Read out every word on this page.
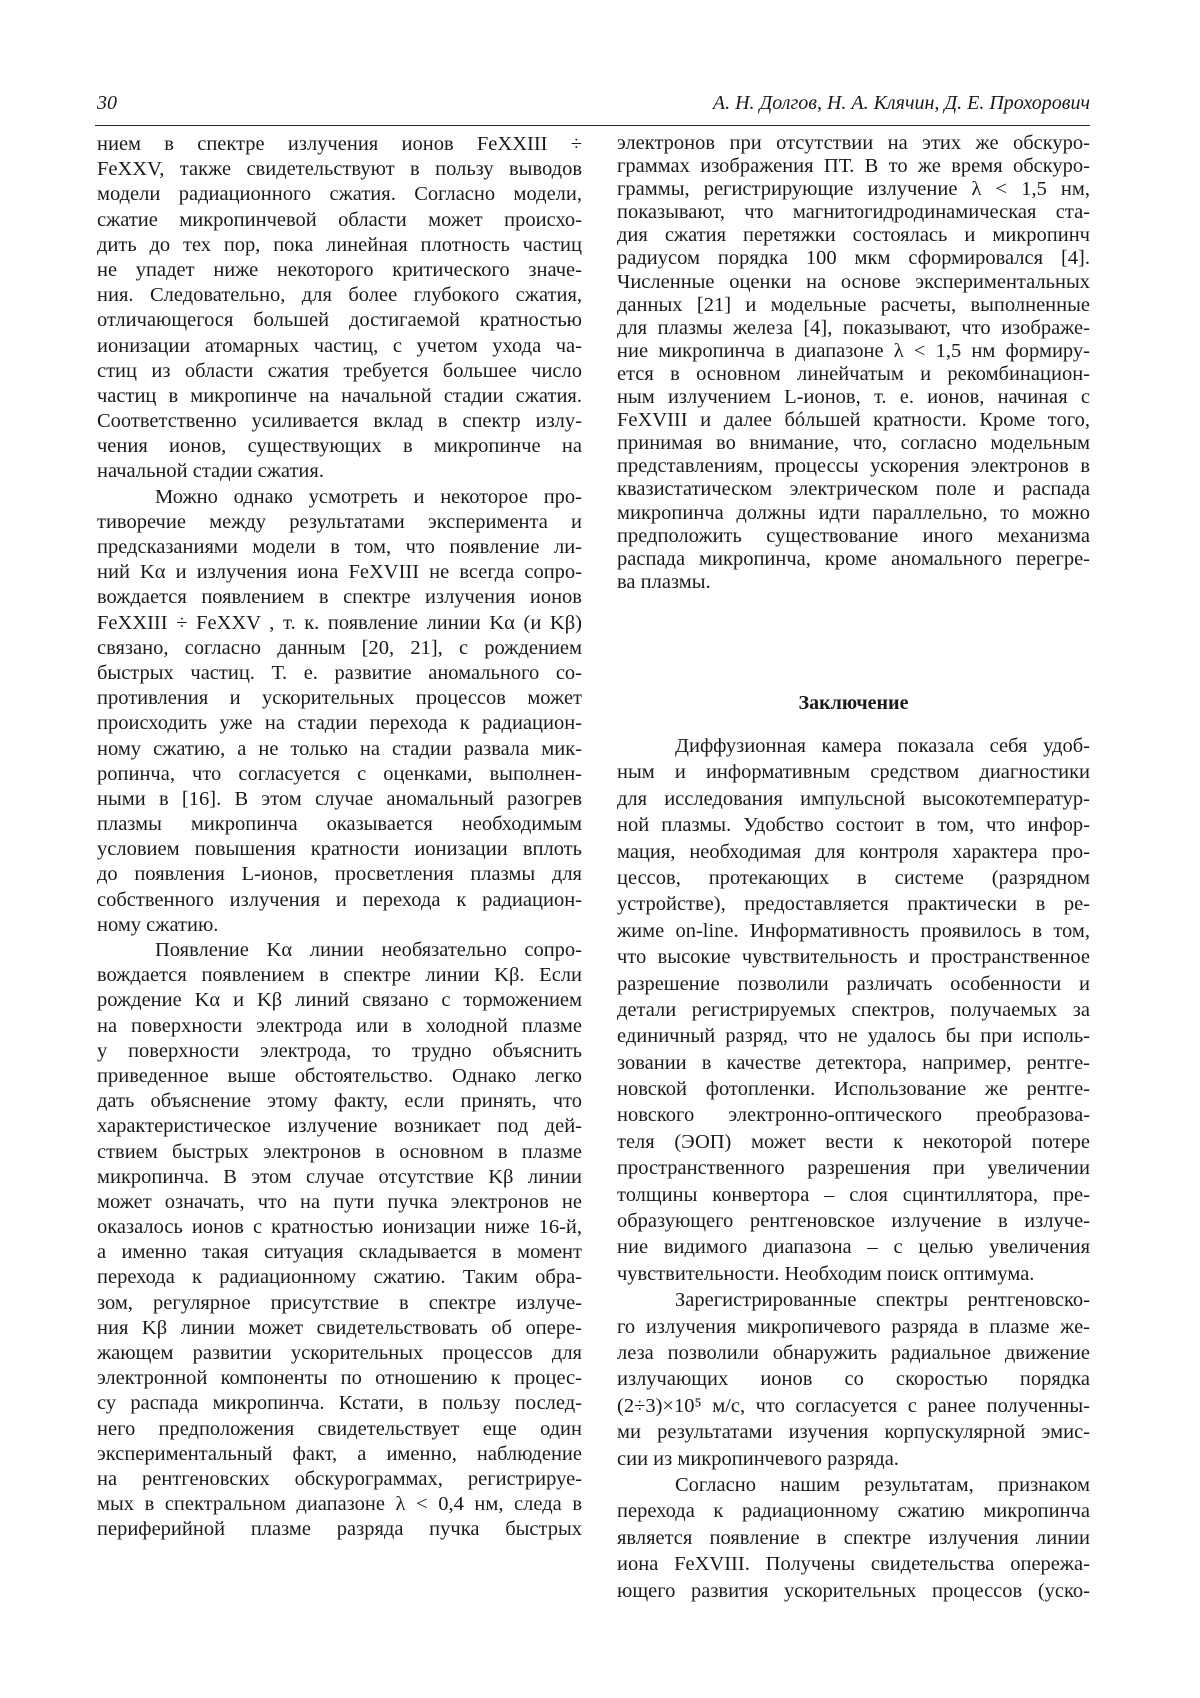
30	А. Н. Долгов, Н. А. Клячин, Д. Е. Прохорович
нием в спектре излучения ионов FeXXIII ÷
FeXXV, также свидетельствуют в пользу выводов
модели радиационного сжатия. Согласно модели,
сжатие микропинчевой области может происхо-
дить до тех пор, пока линейная плотность частиц
не упадет ниже некоторого критического значе-
ния. Следовательно, для более глубокого сжатия,
отличающегося большей достигаемой кратностью
ионизации атомарных частиц, с учетом ухода ча-
стиц из области сжатия требуется большее число
частиц в микропинче на начальной стадии сжатия.
Соответственно усиливается вклад в спектр излу-
чения ионов, существующих в микропинче на
начальной стадии сжатия.
Можно однако усмотреть и некоторое про-
тиворечие между результатами эксперимента и
предсказаниями модели в том, что появление ли-
ний Kα и излучения иона FeXVIII не всегда сопро-
вождается появлением в спектре излучения ионов
FeXXIII ÷ FeXXV , т. к. появление линии Kα (и Kβ)
связано, согласно данным [20, 21], с рождением
быстрых частиц. Т. е. развитие аномального со-
противления и ускорительных процессов может
происходить уже на стадии перехода к радиацион-
ному сжатию, а не только на стадии развала мик-
ропинча, что согласуется с оценками, выполнен-
ными в [16]. В этом случае аномальный разогрев
плазмы микропинча оказывается необходимым
условием повышения кратности ионизации вплоть
до появления L-ионов, просветления плазмы для
собственного излучения и перехода к радиацион-
ному сжатию.
Появление Kα линии необязательно сопро-
вождается появлением в спектре линии Kβ. Если
рождение Kα и Kβ линий связано с торможением
на поверхности электрода или в холодной плазме
у поверхности электрода, то трудно объяснить
приведенное выше обстоятельство. Однако легко
дать объяснение этому факту, если принять, что
характеристическое излучение возникает под дей-
ствием быстрых электронов в основном в плазме
микропинча. В этом случае отсутствие Kβ линии
может означать, что на пути пучка электронов не
оказалось ионов с кратностью ионизации ниже 16-й,
а именно такая ситуация складывается в момент
перехода к радиационному сжатию. Таким обра-
зом, регулярное присутствие в спектре излуче-
ния Kβ линии может свидетельствовать об опере-
жающем развитии ускорительных процессов для
электронной компоненты по отношению к процес-
су распада микропинча. Кстати, в пользу послед-
него предположения свидетельствует еще один
экспериментальный факт, а именно, наблюдение
на рентгеновских обскурограммах, регистрируе-
мых в спектральном диапазоне λ < 0,4 нм, следа в
периферийной плазме разряда пучка быстрых
электронов при отсутствии на этих же обскуро-
граммах изображения ПТ. В то же время обскуро-
граммы, регистрирующие излучение λ < 1,5 нм,
показывают, что магнитогидродинамическая ста-
дия сжатия перетяжки состоялась и микропинч
радиусом порядка 100 мкм сформировался [4].
Численные оценки на основе экспериментальных
данных [21] и модельные расчеты, выполненные
для плазмы железа [4], показывают, что изображе-
ние микропинча в диапазоне λ < 1,5 нм формиру-
ется в основном линейчатым и рекомбинацион-
ным излучением L-ионов, т. е. ионов, начиная с
FeXVIII и далее бóльшей кратности. Кроме того,
принимая во внимание, что, согласно модельным
представлениям, процессы ускорения электронов в
квазистатическом электрическом поле и распада
микропинча должны идти параллельно, то можно
предположить существование иного механизма
распада микропинча, кроме аномального перегре-
ва плазмы.
Заключение
Диффузионная камера показала себя удоб-
ным и информативным средством диагностики
для исследования импульсной высокотемператур-
ной плазмы. Удобство состоит в том, что инфор-
мация, необходимая для контроля характера про-
цессов, протекающих в системе (разрядном
устройстве), предоставляется практически в ре-
жиме on-line. Информативность проявилось в том,
что высокие чувствительность и пространственное
разрешение позволили различать особенности и
детали регистрируемых спектров, получаемых за
единичный разряд, что не удалось бы при исполь-
зовании в качестве детектора, например, рентге-
новской фотопленки. Использование же рентге-
новского электронно-оптического преобразова-
теля (ЭОП) может вести к некоторой потере
пространственного разрешения при увеличении
толщины конвертора – слоя сцинтиллятора, пре-
образующего рентгеновское излучение в излуче-
ние видимого диапазона – с целью увеличения
чувствительности. Необходим поиск оптимума.
Зарегистрированные спектры рентгеновско-
го излучения микропичевого разряда в плазме же-
леза позволили обнаружить радиальное движение
излучающих ионов со скоростью порядка
(2÷3)×10⁵ м/с, что согласуется с ранее полученны-
ми результатами изучения корпускулярной эмис-
сии из микропинчевого разряда.
Согласно нашим результатам, признаком
перехода к радиационному сжатию микропинча
является появление в спектре излучения линии
иона FeXVIII. Получены свидетельства опережа-
ющего развития ускорительных процессов (уско-
